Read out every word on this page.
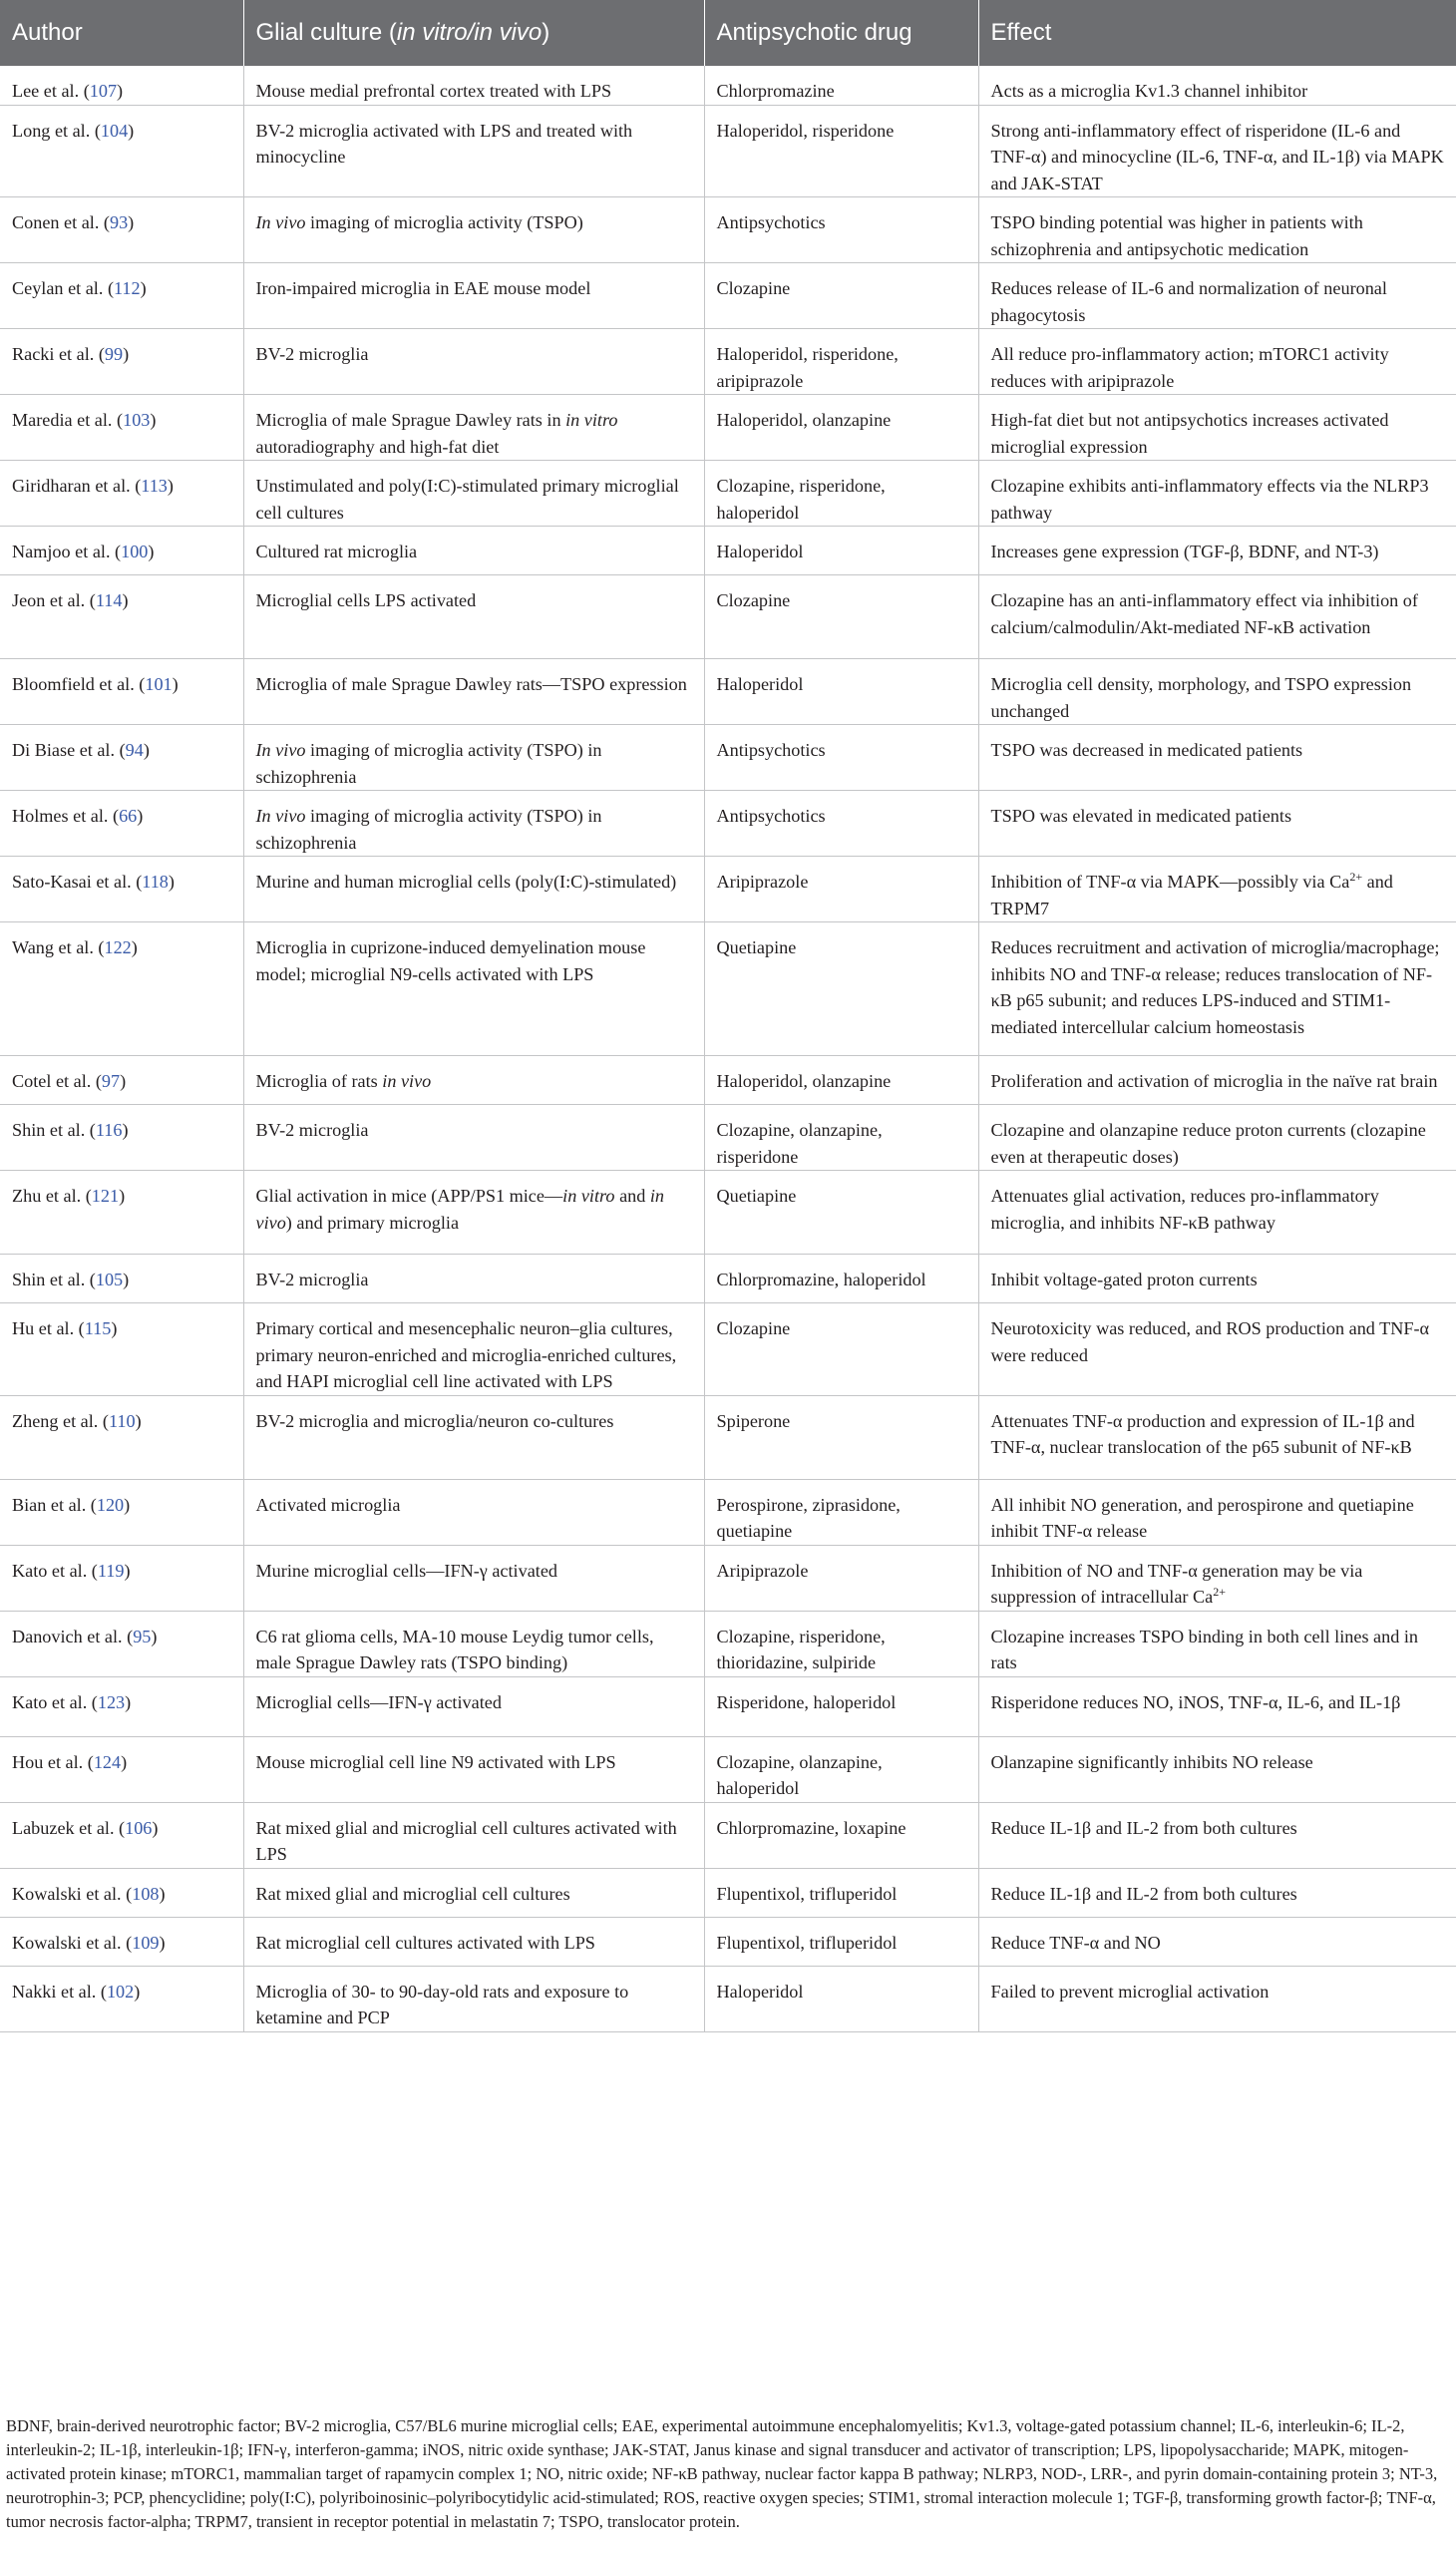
Author	Glial culture (in vitro/in vivo)	Antipsychotic drug	Effect
Lee et al. (107)	Mouse medial prefrontal cortex treated with LPS	Chlorpromazine	Acts as a microglia Kv1.3 channel inhibitor
Long et al. (104)	BV-2 microglia activated with LPS and treated with minocycline	Haloperidol, risperidone	Strong anti-inflammatory effect of risperidone (IL-6 and TNF-α) and minocycline (IL-6, TNF-α, and IL-1β) via MAPK and JAK-STAT
Conen et al. (93)	In vivo imaging of microglia activity (TSPO)	Antipsychotics	TSPO binding potential was higher in patients with schizophrenia and antipsychotic medication
Ceylan et al. (112)	Iron-impaired microglia in EAE mouse model	Clozapine	Reduces release of IL-6 and normalization of neuronal phagocytosis
Racki et al. (99)	BV-2 microglia	Haloperidol, risperidone, aripiprazole	All reduce pro-inflammatory action; mTORC1 activity reduces with aripiprazole
Maredia et al. (103)	Microglia of male Sprague Dawley rats in in vitro autoradiography and high-fat diet	Haloperidol, olanzapine	High-fat diet but not antipsychotics increases activated microglial expression
Giridharan et al. (113)	Unstimulated and poly(I:C)-stimulated primary microglial cell cultures	Clozapine, risperidone, haloperidol	Clozapine exhibits anti-inflammatory effects via the NLRP3 pathway
Namjoo et al. (100)	Cultured rat microglia	Haloperidol	Increases gene expression (TGF-β, BDNF, and NT-3)
Jeon et al. (114)	Microglial cells LPS activated	Clozapine	Clozapine has an anti-inflammatory effect via inhibition of calcium/calmodulin/Akt-mediated NF-κB activation
Bloomfield et al. (101)	Microglia of male Sprague Dawley rats—TSPO expression	Haloperidol	Microglia cell density, morphology, and TSPO expression unchanged
Di Biase et al. (94)	In vivo imaging of microglia activity (TSPO) in schizophrenia	Antipsychotics	TSPO was decreased in medicated patients
Holmes et al. (66)	In vivo imaging of microglia activity (TSPO) in schizophrenia	Antipsychotics	TSPO was elevated in medicated patients
Sato-Kasai et al. (118)	Murine and human microglial cells (poly(I:C)-stimulated)	Aripiprazole	Inhibition of TNF-α via MAPK—possibly via $Ca^{2+}$ and TRPM7
Wang et al. (122)	Microglia in cuprizone-induced demyelination mouse model; microglial N9-cells activated with LPS	Quetiapine	Reduces recruitment and activation of microglia/macrophage; inhibits NO and TNF-α release; reduces translocation of NF-κB p65 subunit; and reduces LPS-induced and STIM1-mediated intercellular calcium homeostasis
Cotel et al. (97)	Microglia of rats in vivo	Haloperidol, olanzapine	Proliferation and activation of microglia in the naïve rat brain
Shin et al. (116)	BV-2 microglia	Clozapine, olanzapine, risperidone	Clozapine and olanzapine reduce proton currents (clozapine even at therapeutic doses)
Zhu et al. (121)	Glial activation in mice (APP/PS1 mice—in vitro and in vivo) and primary microglia	Quetiapine	Attenuates glial activation, reduces pro-inflammatory microglia, and inhibits NF-κB pathway
Shin et al. (105)	BV-2 microglia	Chlorpromazine, haloperidol	Inhibit voltage-gated proton currents
Hu et al. (115)	Primary cortical and mesencephalic neuron–glia cultures, primary neuron-enriched and microglia-enriched cultures, and HAPI microglial cell line activated with LPS	Clozapine	Neurotoxicity was reduced, and ROS production and TNF-α were reduced
Zheng et al. (110)	BV-2 microglia and microglia/neuron co-cultures	Spiperone	Attenuates TNF-α production and expression of IL-1β and TNF-α, nuclear translocation of the p65 subunit of NF-κB
Bian et al. (120)	Activated microglia	Perospirone, ziprasidone, quetiapine	All inhibit NO generation, and perospirone and quetiapine inhibit TNF-α release
Kato et al. (119)	Murine microglial cells—IFN-γ activated	Aripiprazole	Inhibition of NO and TNF-α generation may be via suppression of intracellular $Ca^{2+}$
Danovich et al. (95)	C6 rat glioma cells, MA-10 mouse Leydig tumor cells, male Sprague Dawley rats (TSPO binding)	Clozapine, risperidone, thioridazine, sulpiride	Clozapine increases TSPO binding in both cell lines and in rats
Kato et al. (123)	Microglial cells—IFN-γ activated	Risperidone, haloperidol	Risperidone reduces NO, iNOS, TNF-α, IL-6, and IL-1β
Hou et al. (124)	Mouse microglial cell line N9 activated with LPS	Clozapine, olanzapine, haloperidol	Olanzapine significantly inhibits NO release
Labuzek et al. (106)	Rat mixed glial and microglial cell cultures activated with LPS	Chlorpromazine, loxapine	Reduce IL-1β and IL-2 from both cultures
Kowalski et al. (108)	Rat mixed glial and microglial cell cultures	Flupentixol, trifluperidol	Reduce IL-1β and IL-2 from both cultures
Kowalski et al. (109)	Rat microglial cell cultures activated with LPS	Flupentixol, trifluperidol	Reduce TNF-α and NO
Nakki et al. (102)	Microglia of 30- to 90-day-old rats and exposure to ketamine and PCP	Haloperidol	Failed to prevent microglial activation
BDNF, brain-derived neurotrophic factor; BV-2 microglia, C57/BL6 murine microglial cells; EAE, experimental autoimmune encephalomyelitis; Kv1.3, voltage-gated potassium channel; IL-6, interleukin-6; IL-2, interleukin-2; IL-1β, interleukin-1β; IFN-γ, interferon-gamma; iNOS, nitric oxide synthase; JAK-STAT, Janus kinase and signal transducer and activator of transcription; LPS, lipopolysaccharide; MAPK, mitogen-activated protein kinase; mTORC1, mammalian target of rapamycin complex 1; NO, nitric oxide; NF-κB pathway, nuclear factor kappa B pathway; NLRP3, NOD-, LRR-, and pyrin domain-containing protein 3; NT-3, neurotrophin-3; PCP, phencyclidine; poly(I:C), polyriboinosinic–polyribocytidylic acid-stimulated; ROS, reactive oxygen species; STIM1, stromal interaction molecule 1; TGF-β, transforming growth factor-β; TNF-α, tumor necrosis factor-alpha; TRPM7, transient in receptor potential in melastatin 7; TSPO, translocator protein.
